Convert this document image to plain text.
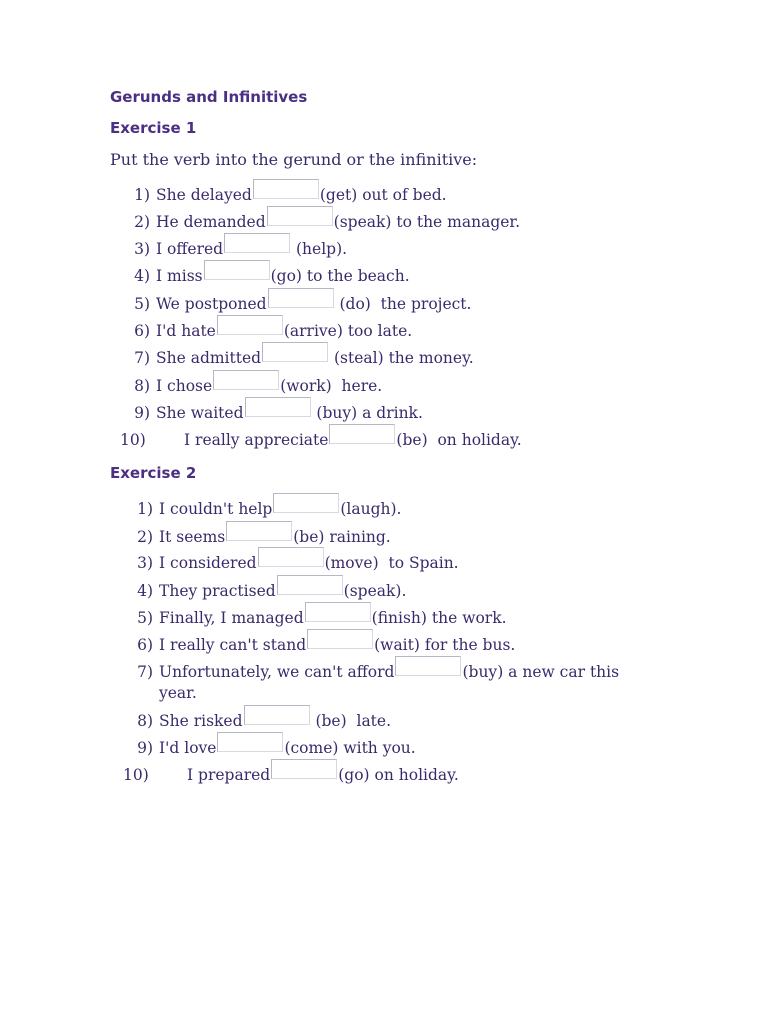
Gerunds and Infinitives
Exercise 1
Put the verb into the gerund or the infinitive:
1) She delayed	(get) out of bed.
2) He demanded	(speak) to the manager.
3) I offered	(help).
4) I miss	(go) to the beach.
5) We postponed	(do)  the project.
6) I'd hate	(arrive) too late.
7) She admitted	(steal) the money.
8) I chose	(work)  here.
9) She waited	(buy) a drink.
10)	I really appreciate	(be)  on holiday.
Exercise 2
1) I couldn't help	(laugh).
2) It seems	(be) raining.
3) I considered	(move)  to Spain.
4) They practised	(speak).
5) Finally, I managed	(finish) the work.
6) I really can't stand	(wait) for the bus.
7) Unfortunately, we can't afford	(buy) a new car this
year.
8) She risked	(be)  late.
9) I'd love	(come) with you.
10)	I prepared	(go) on holiday.
